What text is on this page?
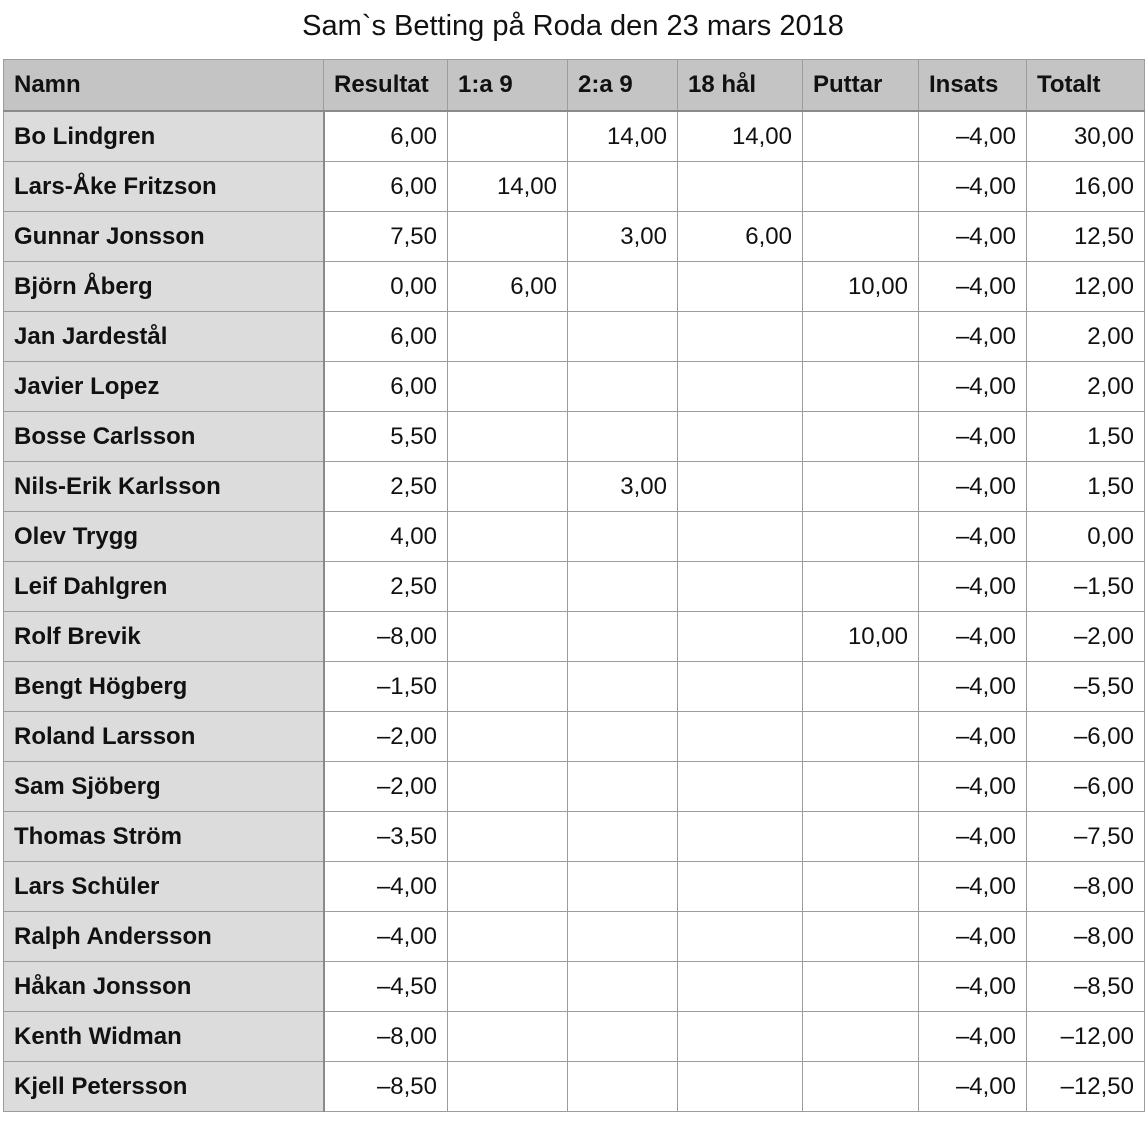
Sam`s Betting på Roda den 23 mars 2018
Namn	Resultat	1:a 9	2:a 9	18 hål	Puttar	Insats	Totalt
Bo Lindgren	6,00		14,00	14,00		–4,00	30,00
Lars-Åke Fritzson	6,00	14,00				–4,00	16,00
Gunnar Jonsson	7,50		3,00	6,00		–4,00	12,50
Björn Åberg	0,00	6,00			10,00	–4,00	12,00
Jan Jardestål	6,00					–4,00	2,00
Javier Lopez	6,00					–4,00	2,00
Bosse Carlsson	5,50					–4,00	1,50
Nils-Erik Karlsson	2,50		3,00			–4,00	1,50
Olev Trygg	4,00					–4,00	0,00
Leif Dahlgren	2,50					–4,00	–1,50
Rolf Brevik	–8,00				10,00	–4,00	–2,00
Bengt Högberg	–1,50					–4,00	–5,50
Roland Larsson	–2,00					–4,00	–6,00
Sam Sjöberg	–2,00					–4,00	–6,00
Thomas Ström	–3,50					–4,00	–7,50
Lars Schüler	–4,00					–4,00	–8,00
Ralph Andersson	–4,00					–4,00	–8,00
Håkan Jonsson	–4,50					–4,00	–8,50
Kenth Widman	–8,00					–4,00	–12,00
Kjell Petersson	–8,50					–4,00	–12,50
